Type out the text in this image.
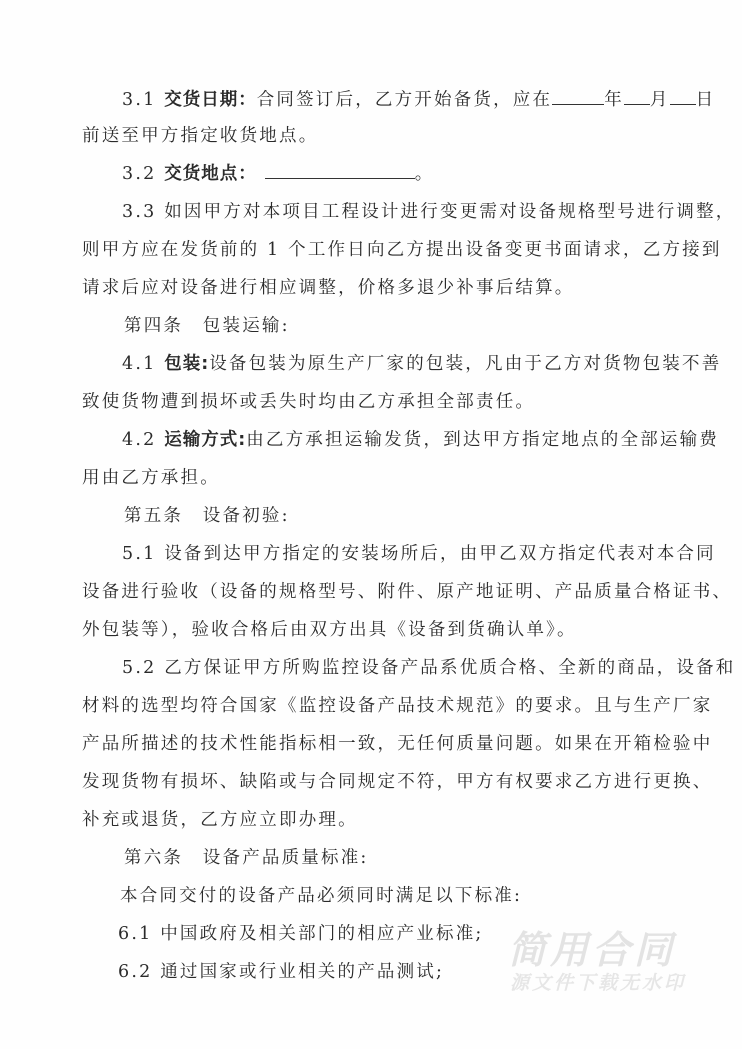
3.1 交货日期：合同签订后，乙方开始备货，应在	年 月 日
前送至甲方指定收货地点。
3.2 交货地点：	。
3.3 如因甲方对本项目工程设计进行变更需对设备规格型号进行调整，
则甲方应在发货前的 1 个工作日向乙方提出设备变更书面请求，乙方接到
请求后应对设备进行相应调整，价格多退少补事后结算。
第四条　包装运输:
4.1 包装:设备包装为原生产厂家的包装，凡由于乙方对货物包装不善
致使货物遭到损坏或丢失时均由乙方承担全部责任。
4.2 运输方式:由乙方承担运输发货，到达甲方指定地点的全部运输费
用由乙方承担。
第五条　设备初验:
5.1 设备到达甲方指定的安装场所后，由甲乙双方指定代表对本合同
设备进行验收（设备的规格型号、附件、原产地证明、产品质量合格证书、
外包装等），验收合格后由双方出具《设备到货确认单》。
5.2 乙方保证甲方所购监控设备产品系优质合格、全新的商品，设备和
材料的选型均符合国家《监控设备产品技术规范》的要求。且与生产厂家
产品所描述的技术性能指标相一致，无任何质量问题。如果在开箱检验中
发现货物有损坏、缺陷或与合同规定不符，甲方有权要求乙方进行更换、
补充或退货，乙方应立即办理。
第六条　设备产品质量标准:
本合同交付的设备产品必须同时满足以下标准:
6.1 中国政府及相关部门的相应产业标准;
6.2 通过国家或行业相关的产品测试; 简用合同
源文件下载无水印
